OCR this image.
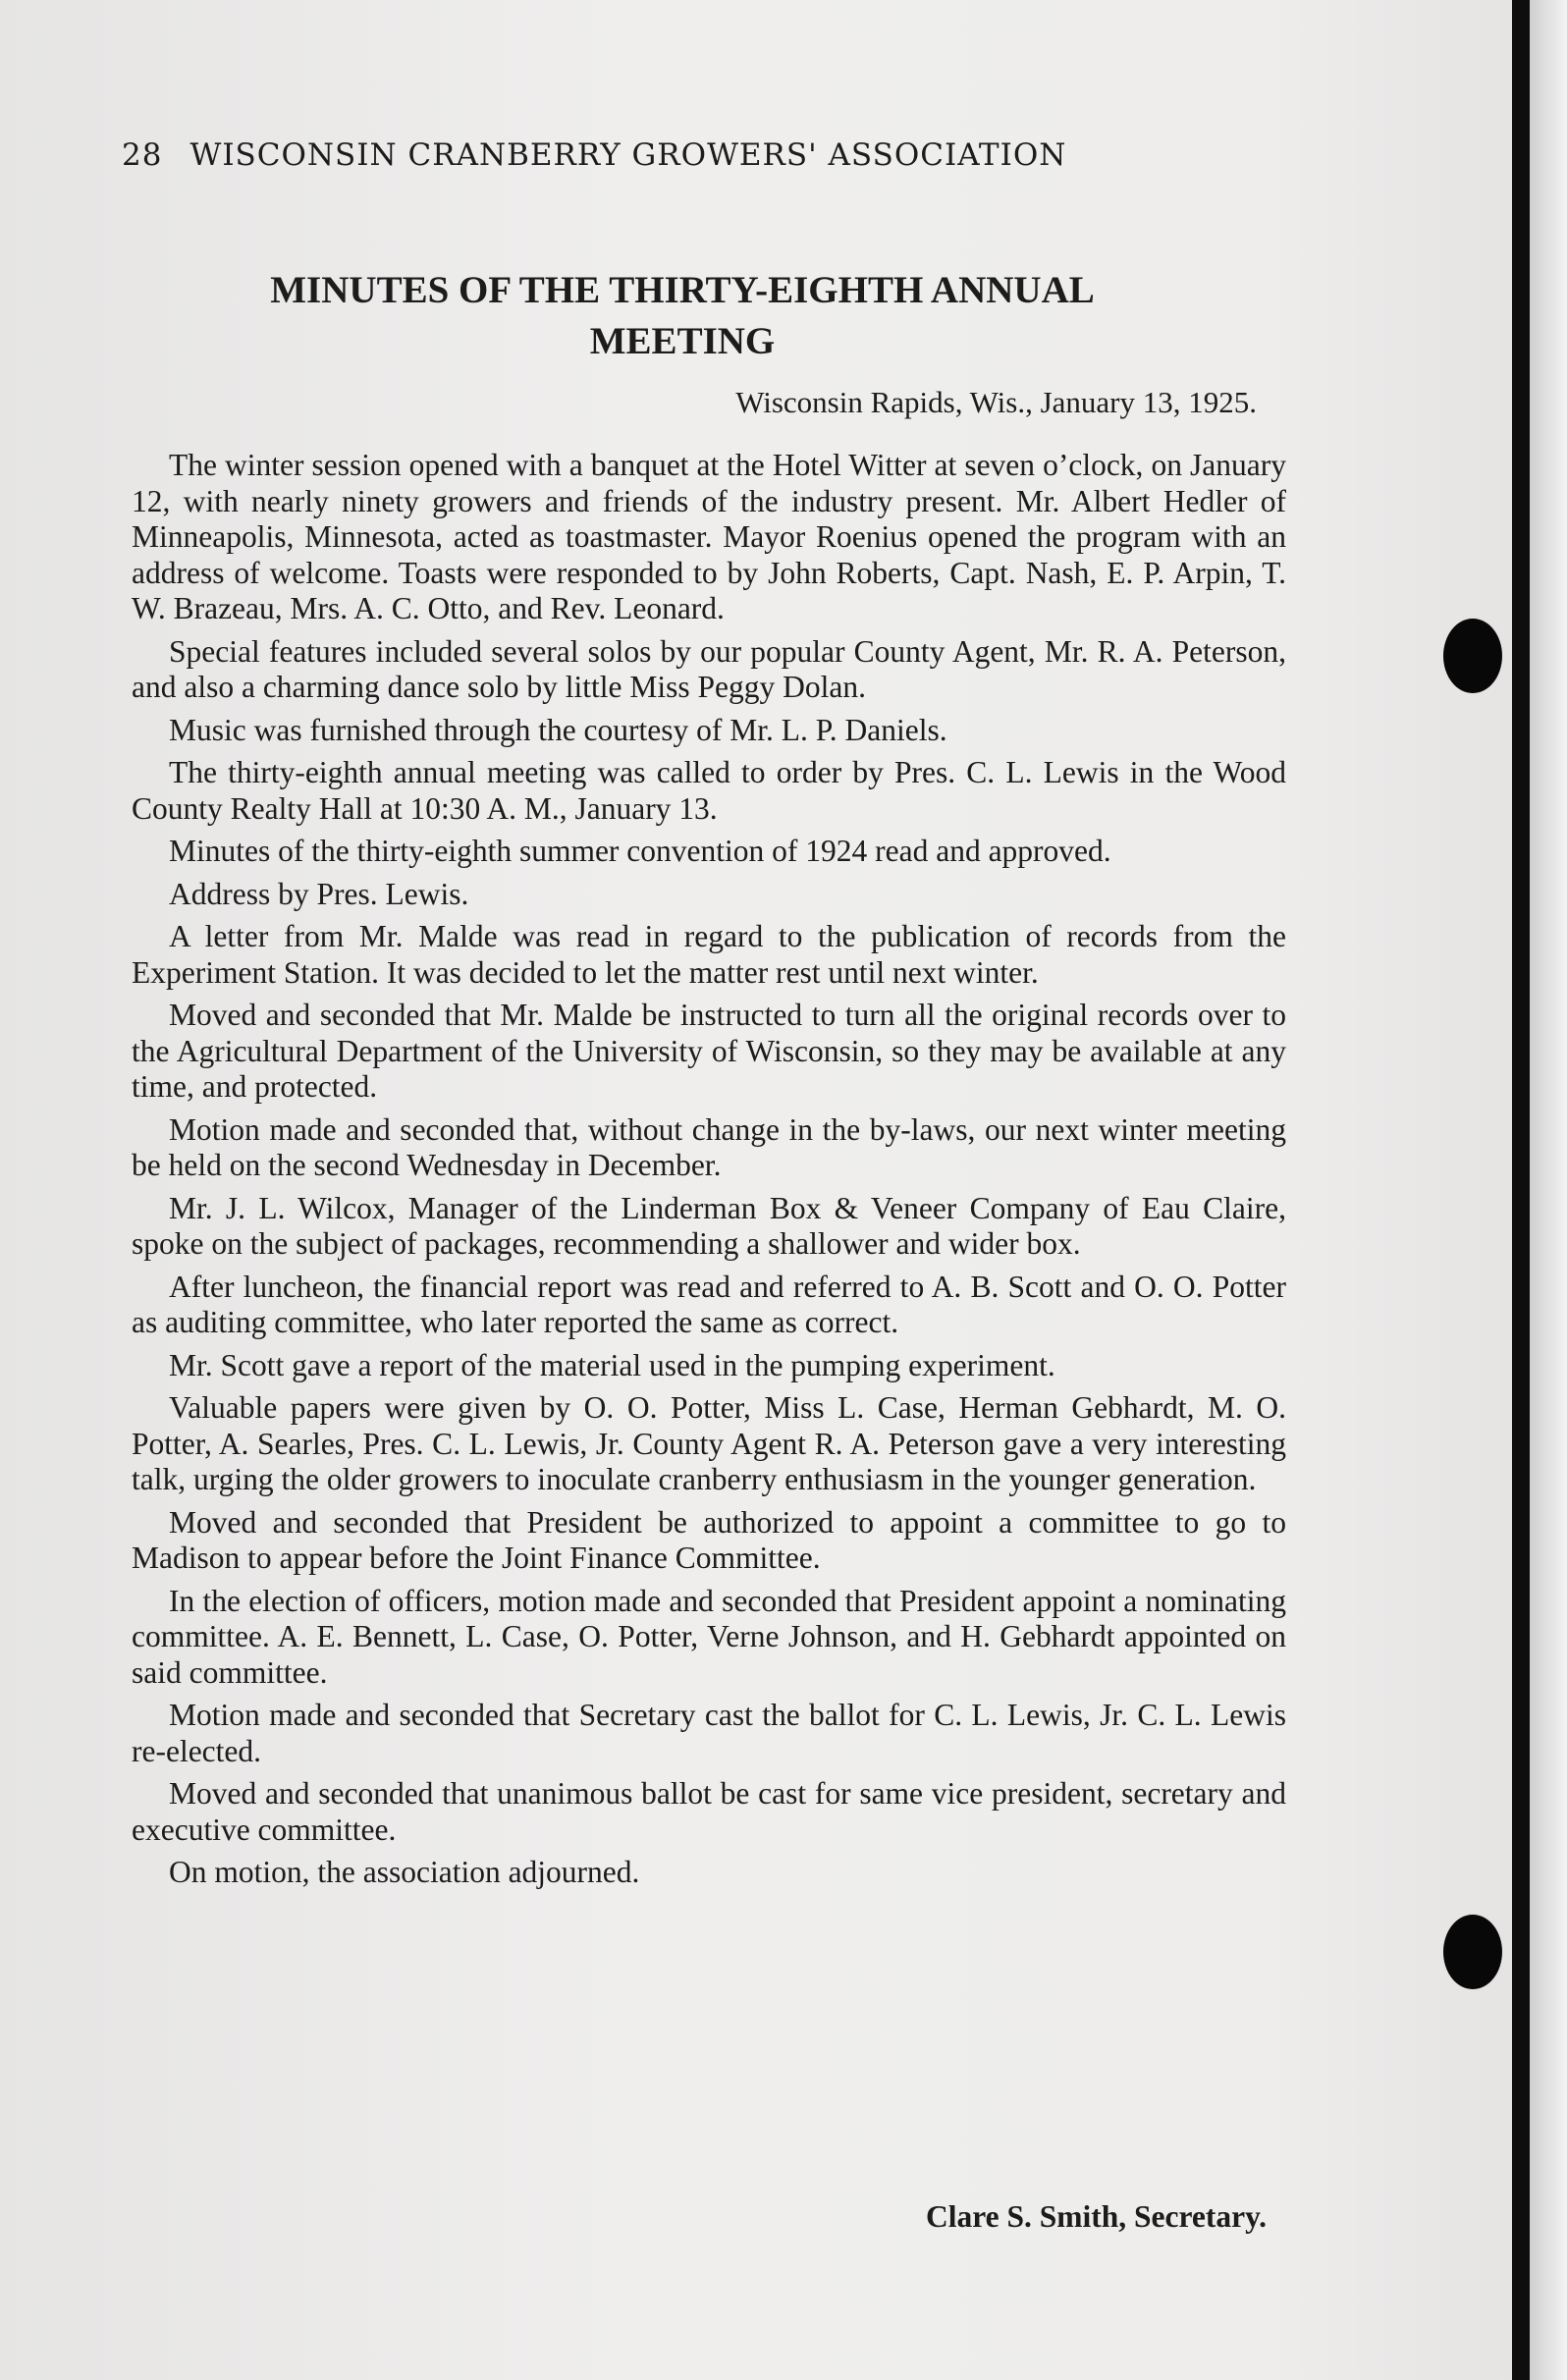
28 WISCONSIN CRANBERRY GROWERS' ASSOCIATION
MINUTES OF THE THIRTY-EIGHTH ANNUAL
MEETING
Wisconsin Rapids, Wis., January 13, 1925.

The winter session opened with a banquet at the Hotel Witter at seven o’clock, on January 12, with nearly ninety growers and friends of the industry present. Mr. Albert Hedler of Minneapolis, Minnesota, acted as toastmaster. Mayor Roenius opened the program with an address of welcome. Toasts were responded to by John Roberts, Capt. Nash, E. P. Arpin, T. W. Brazeau, Mrs. A. C. Otto, and Rev. Leonard.

Special features included several solos by our popular County Agent, Mr. R. A. Peterson, and also a charming dance solo by little Miss Peggy Dolan.

Music was furnished through the courtesy of Mr. L. P. Daniels.

The thirty-eighth annual meeting was called to order by Pres. C. L. Lewis in the Wood County Realty Hall at 10:30 A. M., January 13.

Minutes of the thirty-eighth summer convention of 1924 read and approved.

Address by Pres. Lewis.

A letter from Mr. Malde was read in regard to the publication of records from the Experiment Station. It was decided to let the matter rest until next winter.

Moved and seconded that Mr. Malde be instructed to turn all the original records over to the Agricultural Department of the University of Wisconsin, so they may be available at any time, and protected.

Motion made and seconded that, without change in the by-laws, our next winter meeting be held on the second Wednesday in December.

Mr. J. L. Wilcox, Manager of the Linderman Box & Veneer Company of Eau Claire, spoke on the subject of packages, recommending a shallower and wider box.

After luncheon, the financial report was read and referred to A. B. Scott and O. O. Potter as auditing committee, who later reported the same as correct.

Mr. Scott gave a report of the material used in the pumping experiment.

Valuable papers were given by O. O. Potter, Miss L. Case, Herman Gebhardt, M. O. Potter, A. Searles, Pres. C. L. Lewis, Jr. County Agent R. A. Peterson gave a very interesting talk, urging the older growers to inoculate cranberry enthusiasm in the younger generation.

Moved and seconded that President be authorized to appoint a committee to go to Madison to appear before the Joint Finance Committee.

In the election of officers, motion made and seconded that President appoint a nominating committee. A. E. Bennett, L. Case, O. Potter, Verne Johnson, and H. Gebhardt appointed on said committee.

Motion made and seconded that Secretary cast the ballot for C. L. Lewis, Jr. C. L. Lewis re-elected.

Moved and seconded that unanimous ballot be cast for same vice president, secretary and executive committee.

On motion, the association adjourned.

Clare S. Smith, Secretary.
